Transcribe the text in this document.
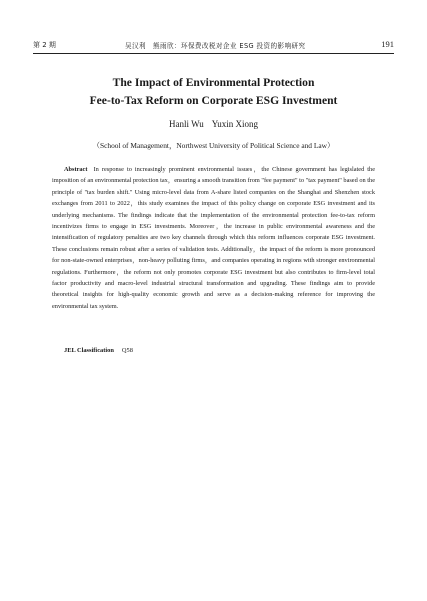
第 2 期	吴汉利　熊雨欣：环保费改税对企业 ESG 投资的影响研究	191
The Impact of Environmental Protection
Fee-to-Tax Reform on Corporate ESG Investment
Hanli Wu Yuxin Xiong
（School of Management，Northwest University of Political Science and Law）

Abstract In response to increasingly prominent environmental issues，the Chinese government has legislated the imposition of an environmental protection tax，ensuring a smooth transition from "fee payment" to "tax payment" based on the principle of "tax burden shift." Using micro-level data from A-share listed companies on the Shanghai and Shenzhen stock exchanges from 2011 to 2022，this study examines the impact of this policy change on corporate ESG investment and its underlying mechanisms. The findings indicate that the implementation of the environmental protection fee-to-tax reform incentivizes firms to engage in ESG investments. Moreover，the increase in public environmental awareness and the intensification of regulatory penalties are two key channels through which this reform influences corporate ESG investment. These conclusions remain robust after a series of validation tests. Additionally，the impact of the reform is more pronounced for non-state-owned enterprises，non-heavy polluting firms，and companies operating in regions with stronger environmental regulations. Furthermore，the reform not only promotes corporate ESG investment but also contributes to firm-level total factor productivity and macro-level industrial structural transformation and upgrading. These findings aim to provide theoretical insights for high-quality economic growth and serve as a decision-making reference for improving the environmental tax system.

JEL Classification Q58
